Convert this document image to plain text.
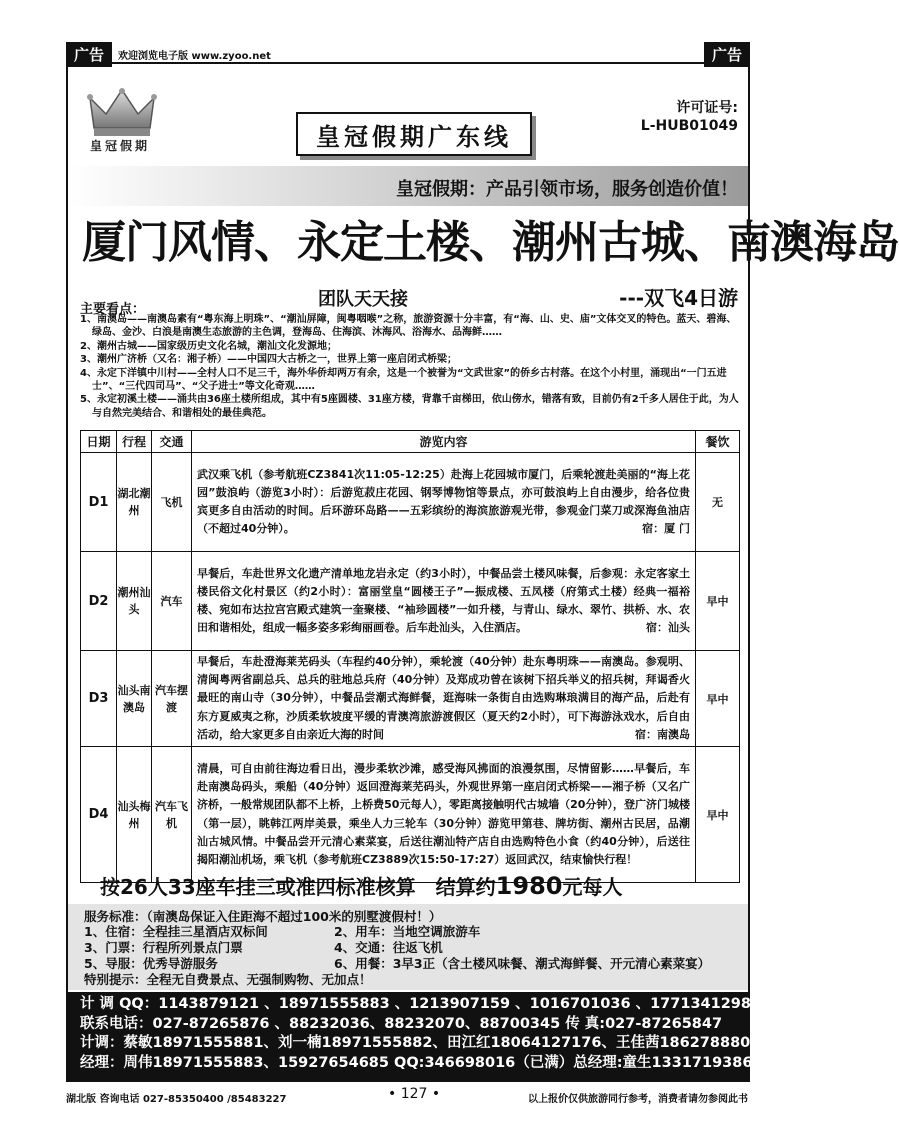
广告	欢迎浏览电子版 www.zyoo.net	广告
皇冠假期	皇冠假期广东线
许可证号:
L-HUB01049
皇冠假期：产品引领市场，服务创造价值！
厦门风情、永定土楼、潮州古城、南澳海岛
团队天天接	---双飞4日游
主要看点：
1、南澳岛——南澳岛素有“粤东海上明珠”、“潮汕屏障，闽粤咽喉”之称，旅游资源十分丰富，有“海、山、史、庙”文体交叉的特色。蓝天、碧海、绿岛、金沙、白浪是南澳生态旅游的主色调，登海岛、住海滨、沐海风、浴海水、品海鲜……
2、潮州古城——国家级历史文化名城，潮汕文化发源地；
3、潮州广济桥（又名：湘子桥）——中国四大古桥之一，世界上第一座启闭式桥梁；
4、永定下洋镇中川村——全村人口不足三千，海外华侨却两万有余，这是一个被誉为“文武世家”的侨乡古村落。在这个小村里，涌现出“一门五进士”、“三代四司马”、“父子进士”等文化奇观……
5、永定初溪土楼——涌共由36座土楼所组成，其中有5座圆楼、31座方楼，背靠千亩梯田，依山傍水，错落有致，目前仍有2千多人居住于此，为人与自然完美结合、和谐相处的最佳典范。
日期	行程	交通	游览内容	餐饮
D1	湖北潮州	飞机	武汉乘飞机（参考航班CZ3841次11:05-12:25）赴海上花园城市厦门，后乘轮渡赴美丽的“海上花园”鼓浪屿（游览3小时）：后游览菽庄花园、钢琴博物馆等景点，亦可鼓浪屿上自由漫步，给各位贵宾更多自由活动的时间。后环游环岛路——五彩缤纷的海滨旅游观光带，参观金门菜刀或深海鱼油店（不超过40分钟）。 宿：厦 门	无
D2	潮州汕头	汽车	早餐后，车赴世界文化遗产清单地龙岩永定（约3小时），中餐品尝土楼风味餐，后参观：永定客家土楼民俗文化村景区（约2小时）：富丽堂皇“圆楼王子”—振成楼、五凤楼（府第式土楼）经典一福裕楼、宛如布达拉宫宫殿式建筑一奎聚楼、“袖珍圆楼”一如升楼，与青山、绿水、翠竹、拱桥、水、农田和谐相处，组成一幅多姿多彩绚丽画卷。后车赴汕头，入住酒店。 宿：汕头	早中
D3	汕头南澳岛	汽车摆渡	早餐后，车赴澄海莱芜码头（车程约40分钟），乘轮渡（40分钟）赴东粤明珠——南澳岛。参观明、清闽粤两省副总兵、总兵的驻地总兵府（40分钟）及郑成功曾在该树下招兵举义的招兵树，拜谒香火最旺的南山寺（30分钟），中餐品尝潮式海鲜餐，逛海味一条街自由选购琳琅满目的海产品，后赴有东方夏威夷之称，沙质柔软坡度平缓的青澳湾旅游渡假区（夏天约2小时），可下海游泳戏水，后自由活动，给大家更多自由亲近大海的时间 宿：南澳岛	早中
D4	汕头梅州	汽车飞机	清晨，可自由前往海边看日出，漫步柔软沙滩，感受海风拂面的浪漫氛围，尽情留影……早餐后，车赴南澳岛码头，乘船（40分钟）返回澄海莱芜码头，外观世界第一座启闭式桥梁——湘子桥（又名广济桥，一般常规团队都不上桥，上桥费50元每人），零距离接触明代古城墙（20分钟），登广济门城楼（第一层），眺韩江两岸美景，乘坐人力三轮车（30分钟）游览甲第巷、牌坊街、潮州古民居，品潮汕古城风情。中餐品尝开元清心素菜宴，后送往潮汕特产店自由选购特色小食（约40分钟），后送往揭阳潮汕机场，乘飞机（参考航班CZ3889次15:50-17:27）返回武汉，结束愉快行程！	早中
按26人33座车挂三或准四标准核算　结算约1980元每人
服务标准：（南澳岛保证入住距海不超过100米的别墅渡假村！）
1、住宿：全程挂三星酒店双标间	2、用车：当地空调旅游车
3、门票：行程所列景点门票	4、交通：往返飞机
5、导服：优秀导游服务	6、用餐：3早3正（含土楼风味餐、潮式海鲜餐、开元清心素菜宴）
特别提示：全程无自费景点、无强制购物、无加点！
计 调 QQ：1143879121 、18971555883 、1213907159 、1016701036 、1771341298
联系电话：027-87265876 、88232036、88232070、88700345 传 真:027-87265847
计调：蔡敏18971555881、刘一楠18971555882、田江红18064127176、王佳茜18627888037
经理：周伟18971555883、15927654685 QQ:346698016（已满）总经理:童生13317193865
湖北版 咨询电话 027-85350400 /85483227	• 127 •	以上报价仅供旅游同行参考，消费者请勿参阅此书
